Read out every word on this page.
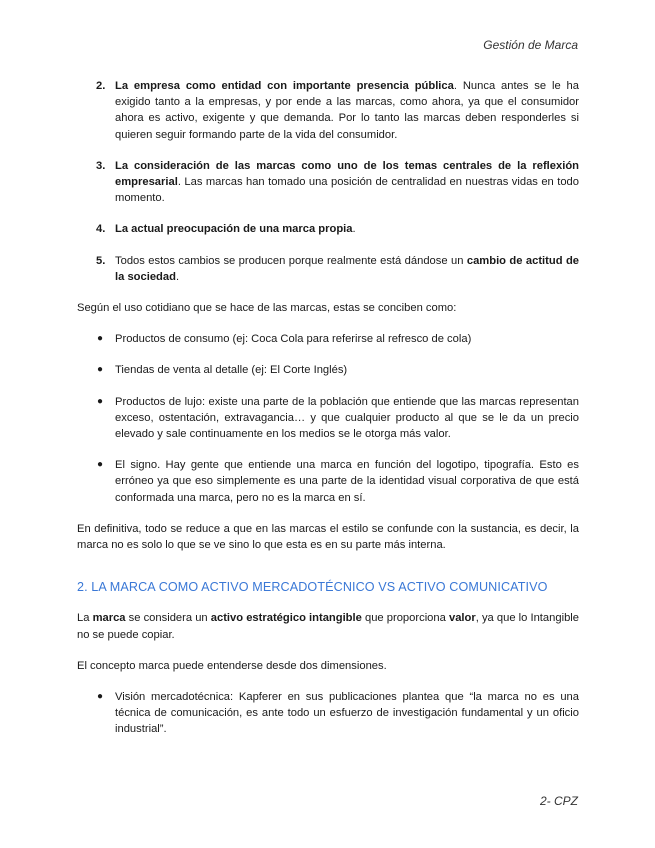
Gestión de Marca
2. La empresa como entidad con importante presencia pública. Nunca antes se le ha exigido tanto a la empresas, y por ende a las marcas, como ahora, ya que el consumidor ahora es activo, exigente y que demanda. Por lo tanto las marcas deben responderles si quieren seguir formando parte de la vida del consumidor.
3. La consideración de las marcas como uno de los temas centrales de la reflexión empresarial. Las marcas han tomado una posición de centralidad en nuestras vidas en todo momento.
4. La actual preocupación de una marca propia.
5. Todos estos cambios se producen porque realmente está dándose un cambio de actitud de la sociedad.

Según el uso cotidiano que se hace de las marcas, estas se conciben como:

● Productos de consumo (ej: Coca Cola para referirse al refresco de cola)
● Tiendas de venta al detalle (ej: El Corte Inglés)
● Productos de lujo: existe una parte de la población que entiende que las marcas representan exceso, ostentación, extravagancia… y que cualquier producto al que se le da un precio elevado y sale continuamente en los medios se le otorga más valor.
● El signo. Hay gente que entiende una marca en función del logotipo, tipografía. Esto es erróneo ya que eso simplemente es una parte de la identidad visual corporativa de que está conformada una marca, pero no es la marca en sí.

En definitiva, todo se reduce a que en las marcas el estilo se confunde con la sustancia, es decir, la marca no es solo lo que se ve sino lo que esta es en su parte más interna.

2. LA MARCA COMO ACTIVO MERCADOTÉCNICO VS ACTIVO COMUNICATIVO

La marca se considera un activo estratégico intangible que proporciona valor, ya que lo Intangible no se puede copiar.

El concepto marca puede entenderse desde dos dimensiones.

● Visión mercadotécnica: Kapferer en sus publicaciones plantea que “la marca no es una técnica de comunicación, es ante todo un esfuerzo de investigación fundamental y un oficio industrial”.
2- CPZ
